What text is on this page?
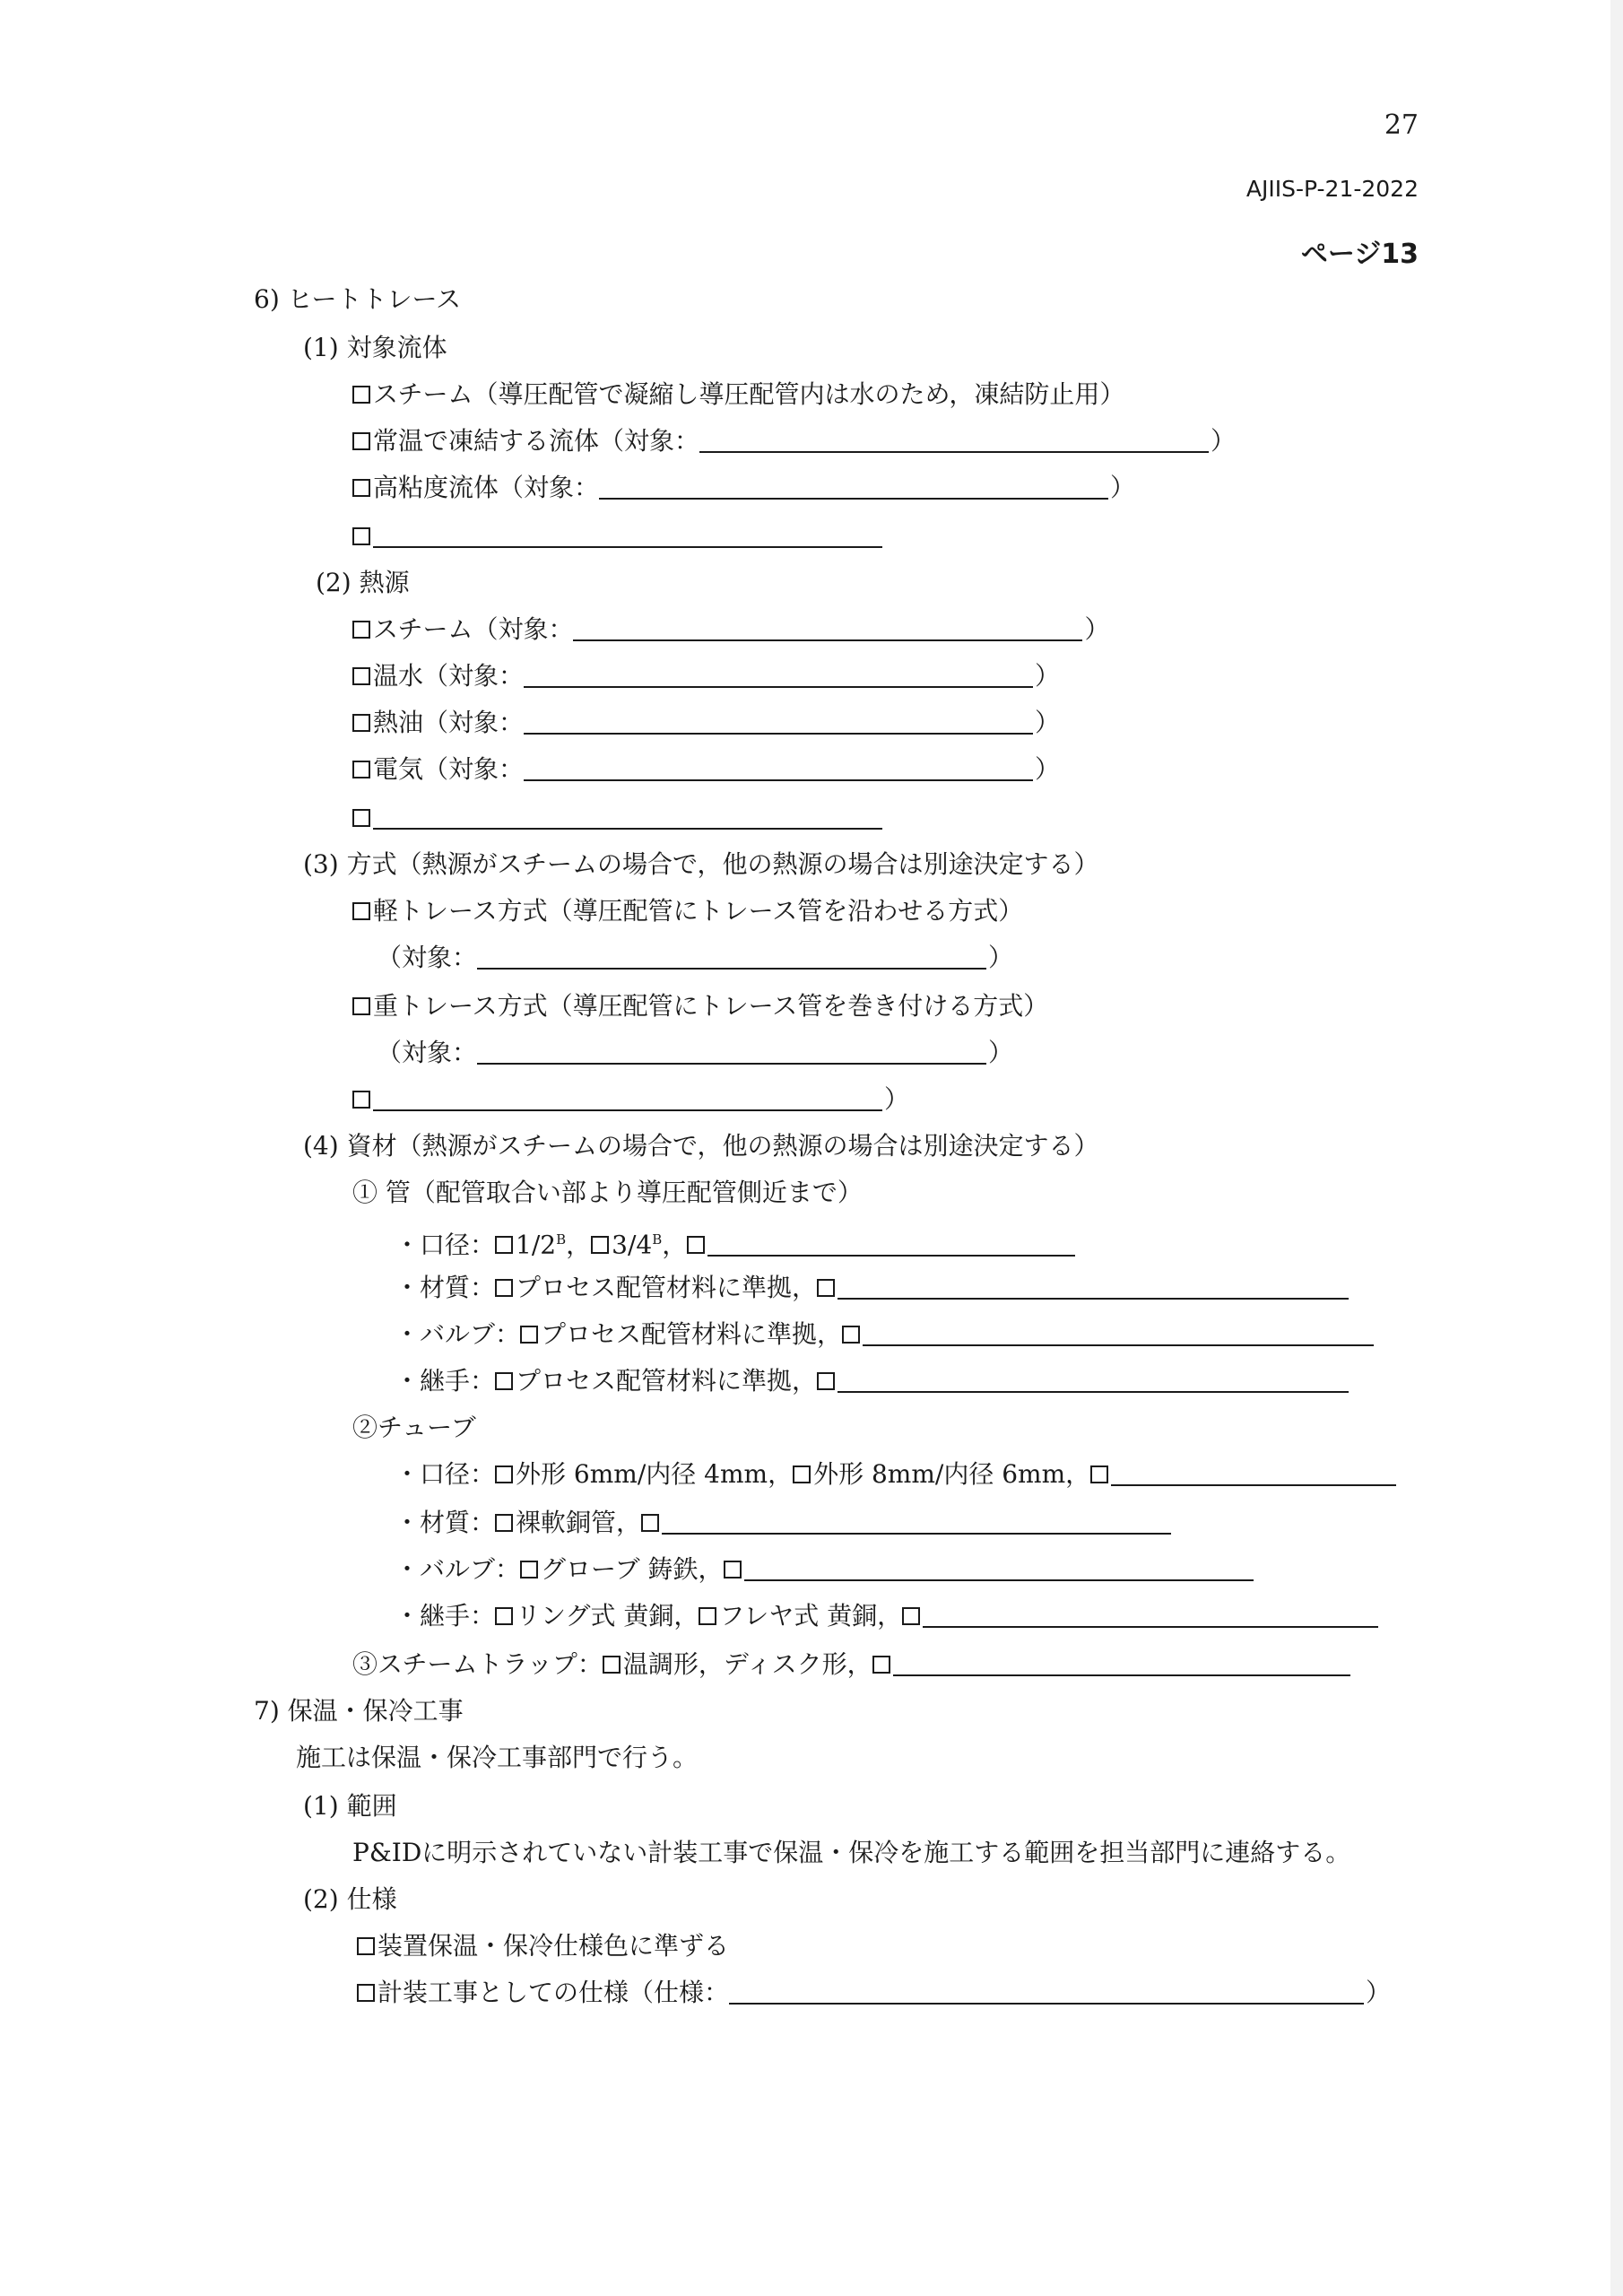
27
AJIIS-P-21-2022
ページ13
6) ヒートトレース
(1) 対象流体
スチーム（導圧配管で凝縮し導圧配管内は水のため，凍結防止用）
常温で凍結する流体（対象：	）
高粘度流体（対象：	）
(2) 熱源
スチーム（対象：	）
温水（対象：	）
熱油（対象：	）
電気（対象：	）
(3) 方式（熱源がスチームの場合で，他の熱源の場合は別途決定する）
軽トレース方式（導圧配管にトレース管を沿わせる方式）
（対象：	）
重トレース方式（導圧配管にトレース管を巻き付ける方式）
（対象：	）
）
(4) 資材（熱源がスチームの場合で，他の熱源の場合は別途決定する）
① 管（配管取合い部より導圧配管側近まで）
・口径： $1/2^B$， $3/4^B$，
・材質： プロセス配管材料に準拠，
・バルブ： プロセス配管材料に準拠，
・継手： プロセス配管材料に準拠，
②チューブ
・口径： 外形 6mm/内径 4mm， 外形 8mm/内径 6mm，
・材質： 裸軟銅管，
・バルブ： グローブ 鋳鉄，
・継手： リング式 黄銅， フレヤ式 黄銅，
③スチームトラップ： 温調形，ディスク形，
7) 保温・保冷工事
施工は保温・保冷工事部門で行う。
(1) 範囲
P&IDに明示されていない計装工事で保温・保冷を施工する範囲を担当部門に連絡する。
(2) 仕様
装置保温・保冷仕様色に準ずる
計装工事としての仕様（仕様：	）
